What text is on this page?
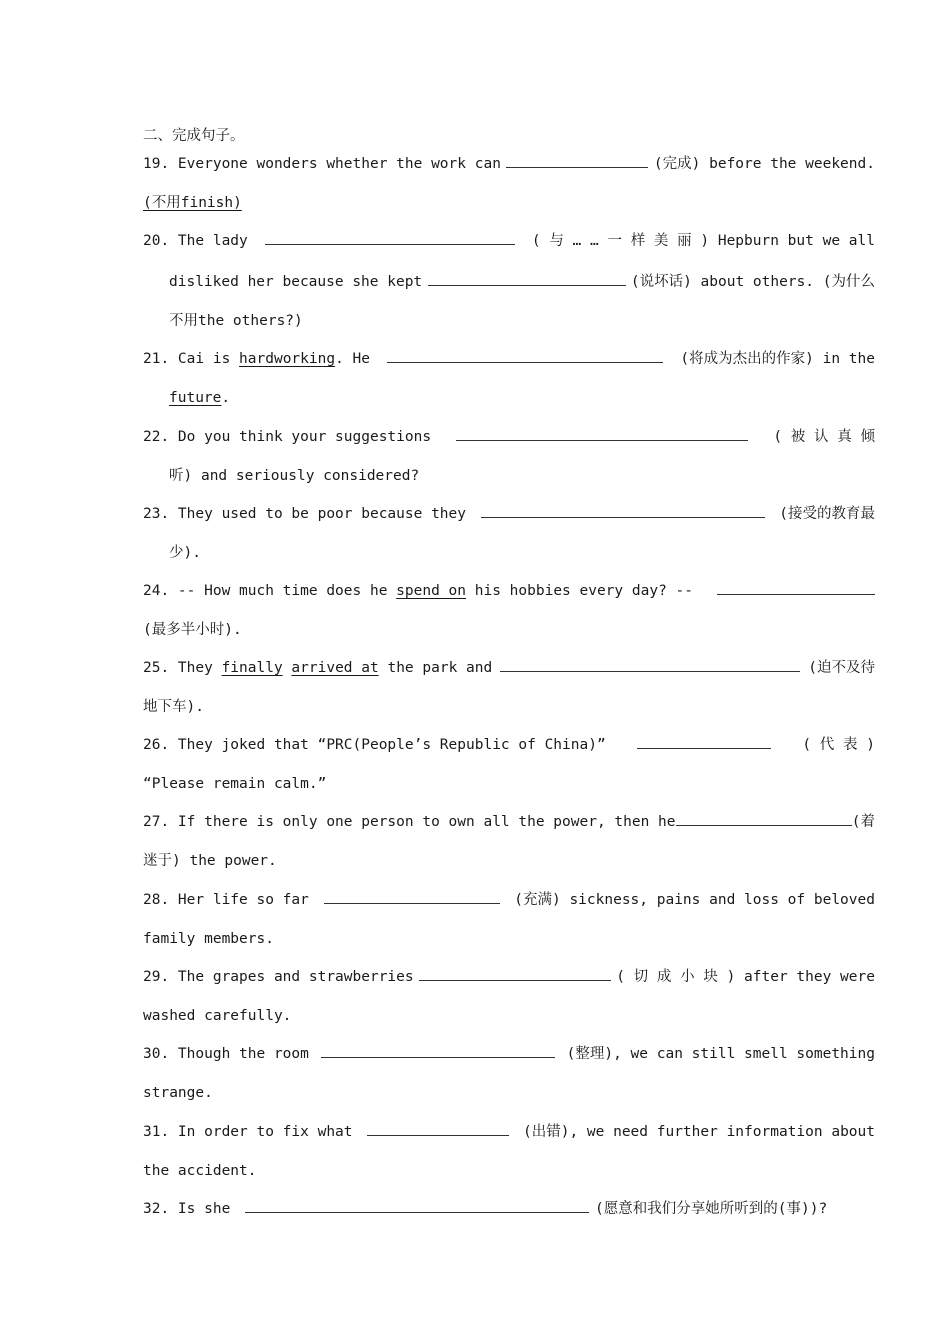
二、完成句子。
19. Everyone wonders whether the work can	(完成) before the weekend.
(不用finish)
20. The lady	( 与 … … 一 样 美 丽 ) Hepburn but we all
disliked her because she kept	(说坏话) about others. (为什么
不用the others?)
21. Cai is hardworking. He	(将成为杰出的作家) in the
future.
22. Do you think your suggestions	( 被 认 真 倾
听) and seriously considered?
23. They used to be poor because they	(接受的教育最
少).
24. -- How much time does he spend on his hobbies every day? --
(最多半小时).
25. They finally arrived at the park and	(迫不及待
地下车).
26. They joked that “PRC(People’s Republic of China)”	( 代 表 )
“Please remain calm.”
27. If there is only one person to own all the power, then he	(着
迷于) the power.
28. Her life so far	(充满) sickness, pains and loss of beloved
family members.
29. The grapes and strawberries	( 切 成 小 块 ) after they were
washed carefully.
30. Though the room	(整理), we can still smell something
strange.
31. In order to fix what	(出错), we need further information about
the accident.
32. Is she	(愿意和我们分享她所听到的(事))?
